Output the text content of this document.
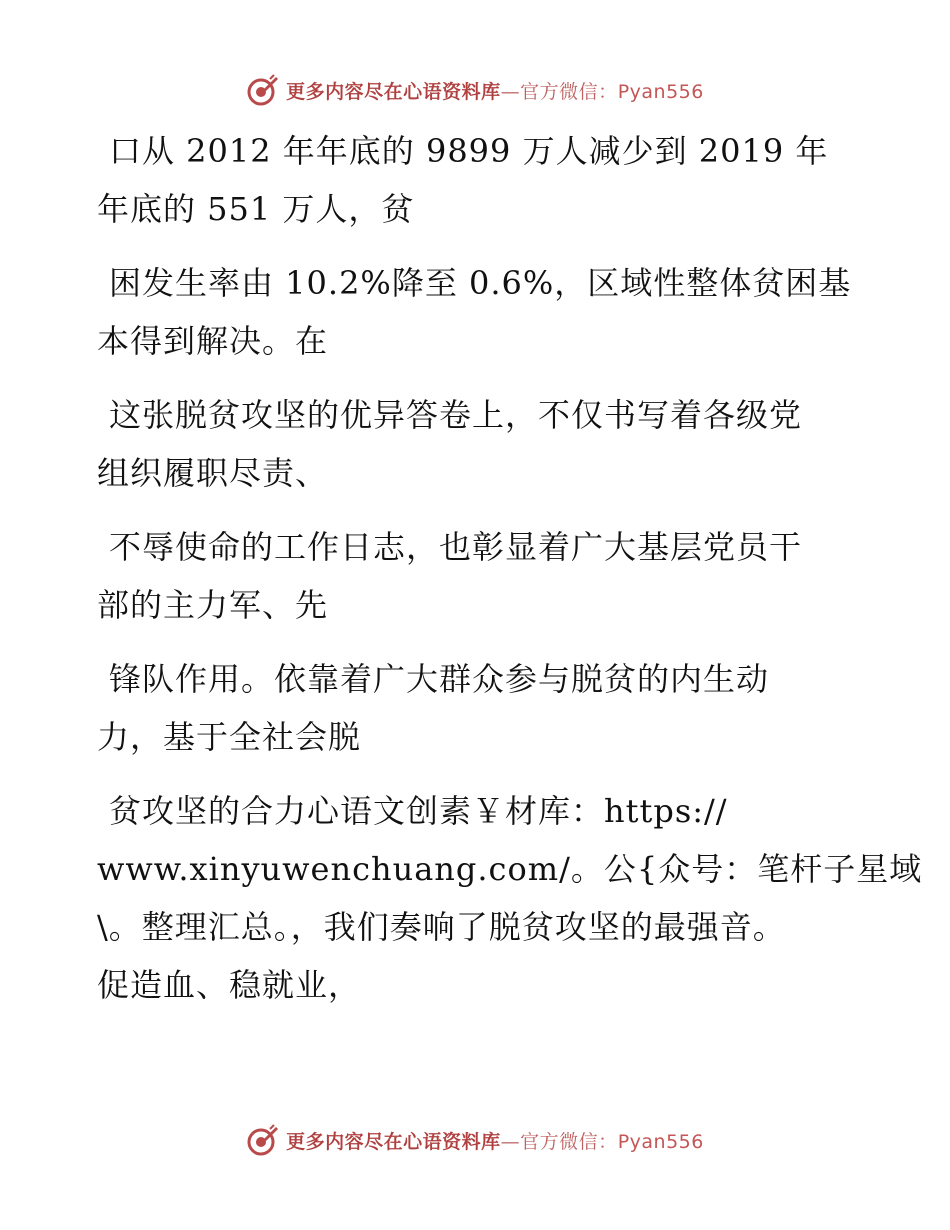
更多内容尽在心语资料库—官方微信：Pyan556

口从 2012 年年底的 9899 万人减少到 2019 年
年底的 551 万人，贫

困发生率由 10.2%降至 0.6%，区域性整体贫困基
本得到解决。在

这张脱贫攻坚的优异答卷上，不仅书写着各级党
组织履职尽责、

不辱使命的工作日志，也彰显着广大基层党员干
部的主力军、先

锋队作用。依靠着广大群众参与脱贫的内生动
力，基于全社会脱

贫攻坚的合力心语文创素￥材库：https://
www.xinyuwenchuang.com/。公{众号：笔杆子星域
\。整理汇总。，我们奏响了脱贫攻坚的最强音。
促造血、稳就业，

更多内容尽在心语资料库—官方微信：Pyan556
